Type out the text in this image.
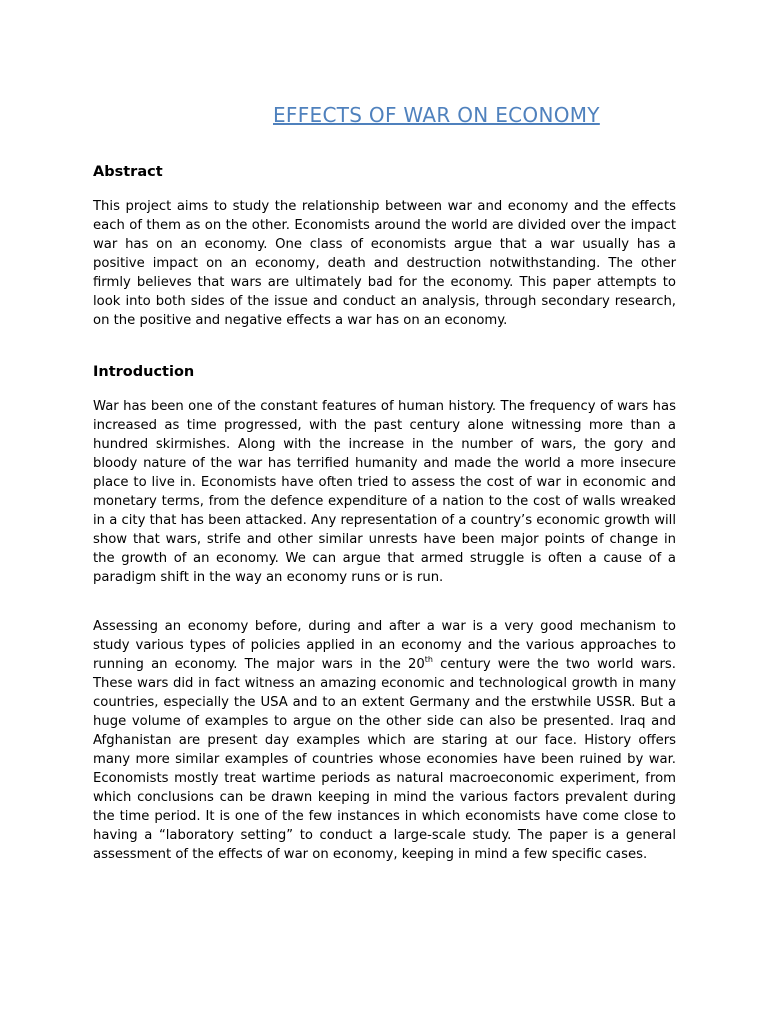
EFFECTS OF WAR ON ECONOMY
Abstract

This project aims to study the relationship between war and economy and the effects each of them as on the other. Economists around the world are divided over the impact war has on an economy. One class of economists argue that a war usually has a positive impact on an economy, death and destruction notwithstanding. The other firmly believes that wars are ultimately bad for the economy. This paper attempts to look into both sides of the issue and conduct an analysis, through secondary research, on the positive and negative effects a war has on an economy.

Introduction

War has been one of the constant features of human history. The frequency of wars has increased as time progressed, with the past century alone witnessing more than a hundred skirmishes. Along with the increase in the number of wars, the gory and bloody nature of the war has terrified humanity and made the world a more insecure place to live in. Economists have often tried to assess the cost of war in economic and monetary terms, from the defence expenditure of a nation to the cost of walls wreaked in a city that has been attacked. Any representation of a country’s economic growth will show that wars, strife and other similar unrests have been major points of change in the growth of an economy. We can argue that armed struggle is often a cause of a paradigm shift in the way an economy runs or is run.

Assessing an economy before, during and after a war is a very good mechanism to study various types of policies applied in an economy and the various approaches to running an economy. The major wars in the 20th century were the two world wars. These wars did in fact witness an amazing economic and technological growth in many countries, especially the USA and to an extent Germany and the erstwhile USSR. But a huge volume of examples to argue on the other side can also be presented. Iraq and Afghanistan are present day examples which are staring at our face. History offers many more similar examples of countries whose economies have been ruined by war. Economists mostly treat wartime periods as natural macroeconomic experiment, from which conclusions can be drawn keeping in mind the various factors prevalent during the time period. It is one of the few instances in which economists have come close to having a “laboratory setting” to conduct a large-scale study. The paper is a general assessment of the effects of war on economy, keeping in mind a few specific cases.
